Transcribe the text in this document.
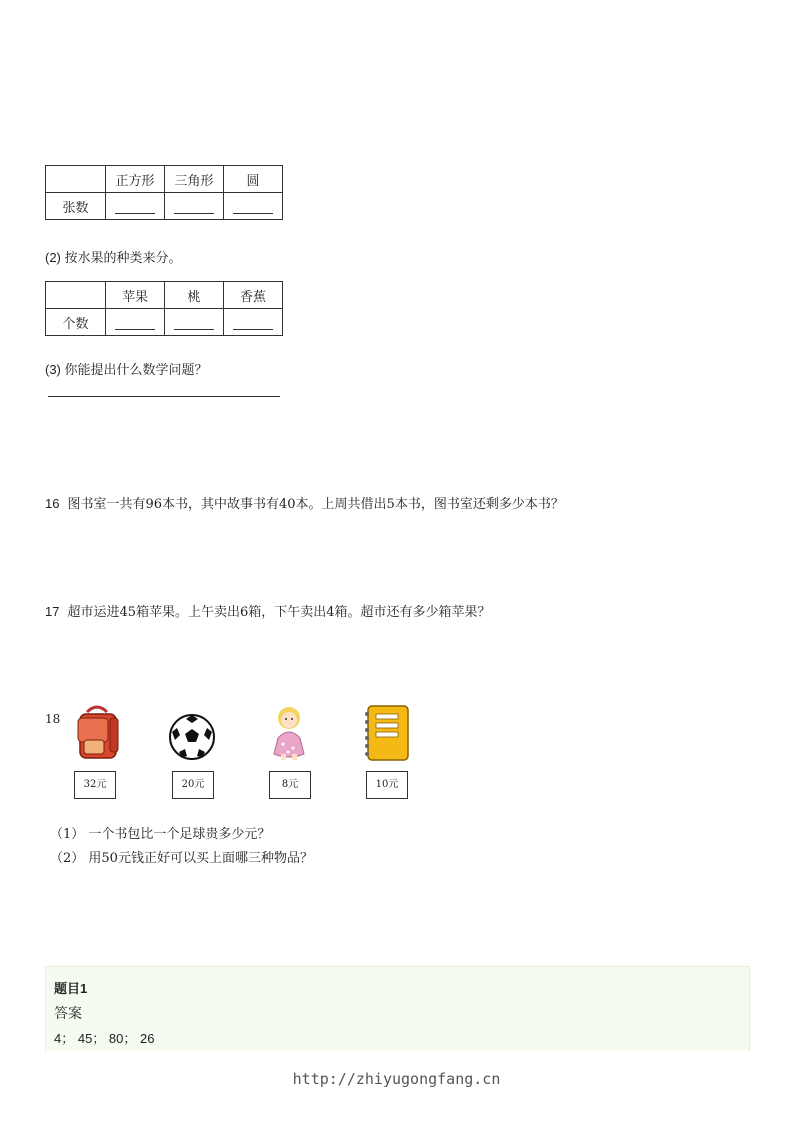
	正方形	三角形	圆
张数			
(2) 按水果的种类来分。
	苹果	桃	香蕉
个数			
(3) 你能提出什么数学问题？
16 图书室一共有96本书，其中故事书有40本。上周共借出5本书，图书室还剩多少本书？
17 超市运进45箱苹果。上午卖出6箱，下午卖出4箱。超市还有多少箱苹果？
18
32元	20元	8元	10元
（1） 一个书包比一个足球贵多少元？
（2） 用50元钱正好可以买上面哪三种物品？
题目1
答案
4； 45； 80； 26
http://zhiyugongfang.cn
